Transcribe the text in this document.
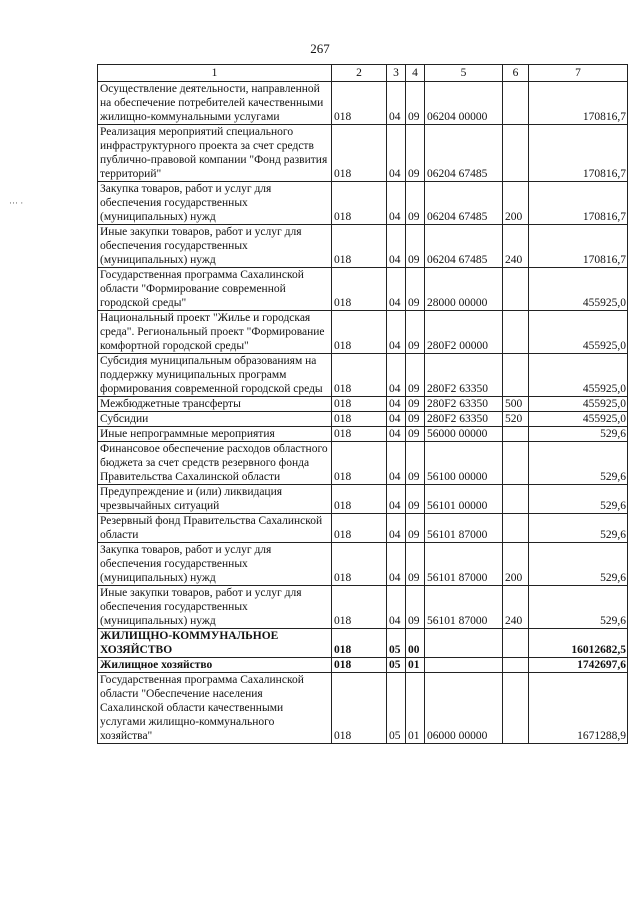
267
··· ·
1	2	3	4	5	6	7
Осуществление деятельности, направленной на обеспечение потребителей качественными жилищно-коммунальными услугами	018	04	09	06204 00000		170816,7
Реализация мероприятий специального инфраструктурного проекта за счет средств публично-правовой компании "Фонд развития территорий"	018	04	09	06204 67485		170816,7
Закупка товаров, работ и услуг для обеспечения государственных (муниципальных) нужд	018	04	09	06204 67485	200	170816,7
Иные закупки товаров, работ и услуг для обеспечения государственных (муниципальных) нужд	018	04	09	06204 67485	240	170816,7
Государственная программа Сахалинской области "Формирование современной городской среды"	018	04	09	28000 00000		455925,0
Национальный проект "Жилье и городская среда". Региональный проект "Формирование комфортной городской среды"	018	04	09	280F2 00000		455925,0
Субсидия муниципальным образованиям на поддержку муниципальных программ формирования современной городской среды	018	04	09	280F2 63350		455925,0
Межбюджетные трансферты	018	04	09	280F2 63350	500	455925,0
Субсидии	018	04	09	280F2 63350	520	455925,0
Иные непрограммные мероприятия	018	04	09	56000 00000		529,6
Финансовое обеспечение расходов областного бюджета за счет средств резервного фонда Правительства Сахалинской области	018	04	09	56100 00000		529,6
Предупреждение и (или) ликвидация чрезвычайных ситуаций	018	04	09	56101 00000		529,6
Резервный фонд Правительства Сахалинской области	018	04	09	56101 87000		529,6
Закупка товаров, работ и услуг для обеспечения государственных (муниципальных) нужд	018	04	09	56101 87000	200	529,6
Иные закупки товаров, работ и услуг для обеспечения государственных (муниципальных) нужд	018	04	09	56101 87000	240	529,6
ЖИЛИЩНО-КОММУНАЛЬНОЕ ХОЗЯЙСТВО	018	05	00			16012682,5
Жилищное хозяйство	018	05	01			1742697,6
Государственная программа Сахалинской области "Обеспечение населения Сахалинской области качественными услугами жилищно-коммунального хозяйства"	018	05	01	06000 00000		1671288,9
